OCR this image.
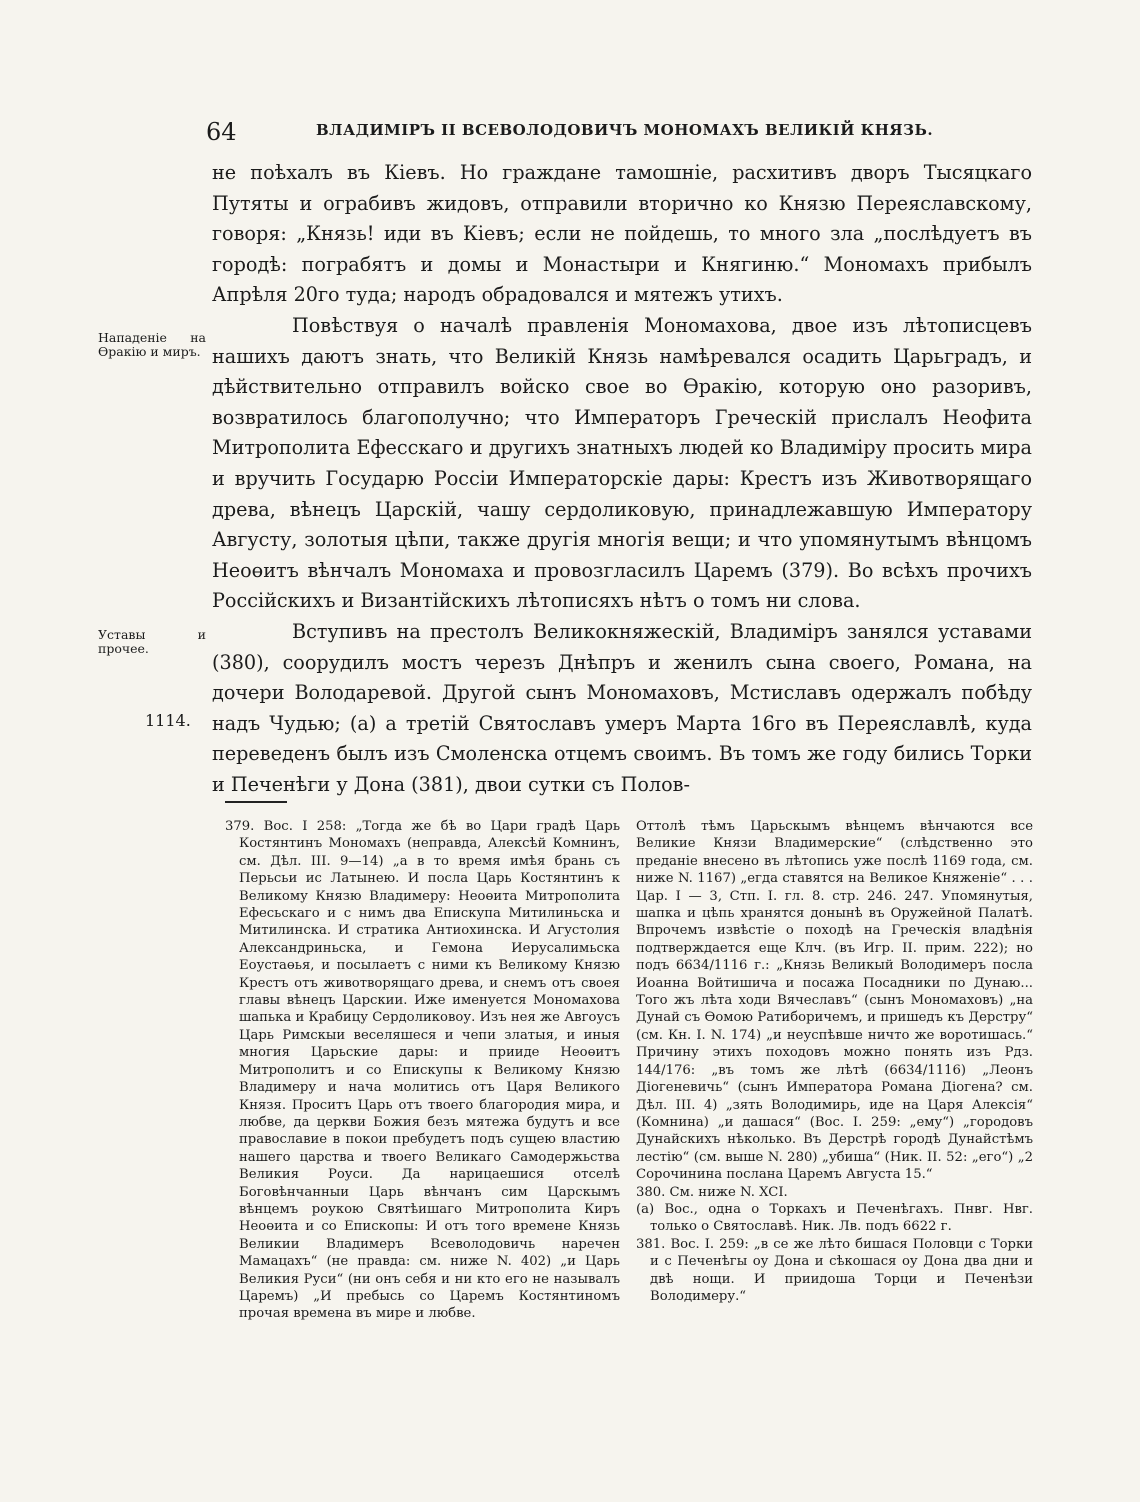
64	ВЛАДИМIРЪ II ВСЕВОЛОДОВИЧЪ МОНОМАХЪ ВЕЛИКIЙ КНЯЗЬ.
Нападенiе на Өракiю и миръ.
Уставы и прочее.
1114.

не поѣхалъ въ Кiевъ. Но граждане тамошнiе, расхитивъ дворъ Тысяцкаго Путяты и ограбивъ жидовъ, отправили вторично ко Князю Переяславскому, говоря: „Князь! иди въ Кiевъ; если не пойдешь, то много зла „послѣдуетъ въ городѣ: пограбятъ и домы и Монастыри и Княгиню.“ Мономахъ прибылъ Апрѣля 20го туда; народъ обрадовался и мятежъ утихъ.

Повѣствуя о началѣ правленiя Мономахова, двое изъ лѣтописцевъ нашихъ даютъ знать, что Великiй Князь намѣревался осадить Царьградъ, и дѣйствительно отправилъ войско свое во Өракiю, которую оно разоривъ, возвратилось благополучно; что Императоръ Греческiй прислалъ Неофита Митрополита Ефесскаго и другихъ знатныхъ людей ко Владимiру просить мира и вручить Государю Россiи Императорскiе дары: Крестъ изъ Животворящаго древа, вѣнецъ Царскiй, чашу сердоликовую, принадлежавшую Императору Августу, золотыя цѣпи, также другiя многiя вещи; и что упомянутымъ вѣнцомъ Неоөитъ вѣнчалъ Мономаха и провозгласилъ Царемъ (379). Во всѣхъ прочихъ Россiйскихъ и Византiйскихъ лѣтописяхъ нѣтъ о томъ ни слова.

Вступивъ на престолъ Великокняжескiй, Владимiръ занялся уставами (380), соорудилъ мостъ черезъ Днѣпръ и женилъ сына своего, Романа, на дочери Володаревой. Другой сынъ Мономаховъ, Мстиславъ одержалъ побѣду надъ Чудью; (а) а третiй Святославъ умеръ Марта 16го въ Переяславлѣ, куда переведенъ былъ изъ Смоленска отцемъ своимъ. Въ томъ же году бились Торки и Печенѣги у Дона (381), двои сутки съ Полов-

379. Вос. I 258: „Тогда же бѣ во Цари градѣ Царь Костянтинъ Мономахъ (неправда, Алексѣй Комнинъ, см. Дѣл. III. 9—14) „а в то время имѣя брань съ Перьсьи ис Латынею. И посла Царь Костянтинъ к Великому Князю Владимеру: Неоөита Митрополита Ефесьскаго и с нимъ два Епискупа Митилиньска и Митилинска. И стратика Антиохинска. И Агустолия Александриньска, и Гемона Иерусалимьска Еоустаөья, и посылаетъ с ними къ Великому Князю Крестъ отъ животворящаго древа, и снемъ отъ своея главы вѣнецъ Царскии. Иже именуется Мономахова шапька и Крабицу Сердоликовоу. Изъ нея же Авгоусъ Царь Римскыи веселяшеся и чепи златыя, и иныя многия Царьские дары: и прииде Неоөитъ Митрополитъ и со Епискупы к Великому Князю Владимеру и нача молитись отъ Царя Великого Князя. Проситъ Царь отъ твоего благородия мира, и любве, да церкви Божия безъ мятежа будутъ и все православие в покои пребудетъ подъ сущею властию нашего царства и твоего Великаго Самодержьства Великия Роуси. Да нарицаешися отселѣ Боговѣнчанныи Царь вѣнчанъ сим Царскымъ вѣнцемъ роукою Святѣишаго Митрополита Киръ Неоөита и со Епископы: И отъ того времене Князь Великии Владимеръ Всеволодовичь наречен Мамацахъ“ (не правда: см. ниже N. 402) „и Царь Великия Руси“ (ни онъ себя и ни кто его не называлъ Царемъ) „И пребысь со Царемъ Костянтиномъ прочая времена въ мире и любве.

Оттолѣ тѣмъ Царьскымъ вѣнцемъ вѣнчаются все Великие Князи Владимерские“ (слѣдственно это преданiе внесено въ лѣтопись уже послѣ 1169 года, см. ниже N. 1167) „егда ставятся на Великое Княженiе“ . . . Цар. I — 3, Стп. I. гл. 8. стр. 246. 247. Упомянутыя, шапка и цѣпь хранятся донынѣ въ Оружейной Палатѣ. Впрочемъ извѣстiе о походѣ на Греческiя владѣнiя подтверждается еще Клч. (въ Игр. II. прим. 222); но подъ 6634/1116 г.: „Князь Великый Володимеръ посла Иоанна Войтишича и посажа Посадники по Дунаю... Того жъ лѣта ходи Вячеславъ“ (сынъ Мономаховъ) „на Дунай съ Өомою Ратиборичемъ, и пришедъ къ Дерстру“ (см. Кн. I. N. 174) „и неуспѣвше ничто же воротишась.“ Причину этихъ походовъ можно понять изъ Рдз. 144/176: „въ томъ же лѣтѣ (6634/1116) „Леонъ Дiогеневичь“ (сынъ Императора Романа Дiогена? см. Дѣл. III. 4) „зять Володимирь, иде на Царя Алексiя“ (Комнина) „и дашася“ (Вос. I. 259: „ему“) „городовъ Дунайскихъ нѣколько. Въ Дерстрѣ городѣ Дунайстѣмъ лестiю“ (см. выше N. 280) „убиша“ (Ник. II. 52: „его“) „2 Сорочинина послана Царемъ Августа 15.“

380. См. ниже N. XCI.

(а) Вос., одна о Торкахъ и Печенѣгахъ. Пнвг. Нвг. только о Святославѣ. Ник. Лв. подъ 6622 г.

381. Вос. I. 259: „в се же лѣто бишася Половци с Торки и с Печенѣгы оу Дона и сѣкошася оу Дона два дни и двѣ нощи. И приидоша Торци и Печенѣзи Володимеру.“
